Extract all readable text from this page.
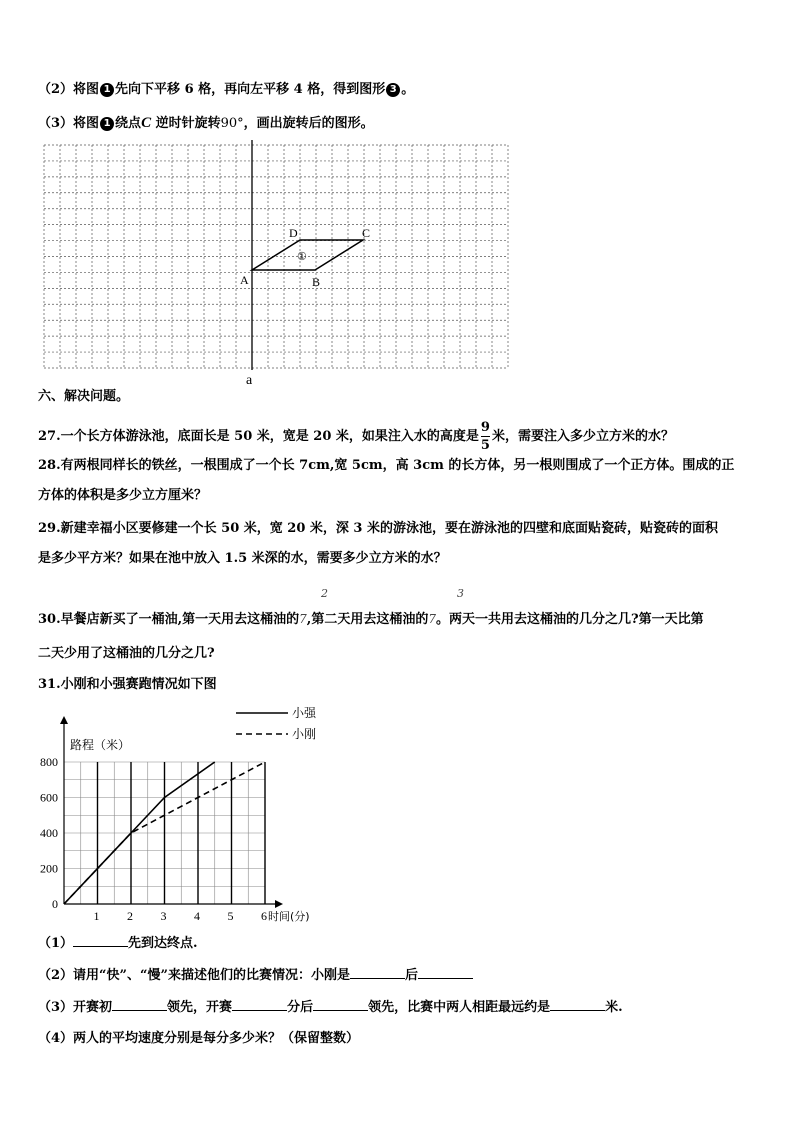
（2）将图 1 先向下平移 6 格，再向左平移 4 格，得到图形 3 。
（3）将图 1 绕点C 逆时针旋转90°，画出旋转后的图形。
A	B
C
D
①
a
六、解决问题。
27.一个长方体游泳池，底面长是 50 米，宽是 20 米，如果注入水的高度是 $\frac{9}{5}$ 米，需要注入多少立方米的水？
28.有两根同样长的铁丝，一根围成了一个长 7cm,宽 5cm，高 3cm 的长方体，另一根则围成了一个正方体。围成的正
方体的体积是多少立方厘米？
29.新建幸福小区要修建一个长 50 米，宽 20 米，深 3 米的游泳池，要在游泳池的四壁和底面贴瓷砖，贴瓷砖的面积
是多少平方米？如果在池中放入 1.5 米深的水，需要多少立方米的水？
2	3
30.早餐店新买了一桶油,第一天用去这桶油的7,第二天用去这桶油的7。两天一共用去这桶油的几分之几?第一天比第
二天少用了这桶油的几分之几?
31.小刚和小强赛跑情况如下图
1 2 3 4 5 6
0
200
400
600
800
小强
小刚
路程（米）
时间(分)
（1）	先到达终点.
（2）请用“快”、“慢”来描述他们的比赛情况：小刚是	后
（3）开赛初	领先，开赛	分后	领先，比赛中两人相距最远约是	米.
（4）两人的平均速度分别是每分多少米？（保留整数）
